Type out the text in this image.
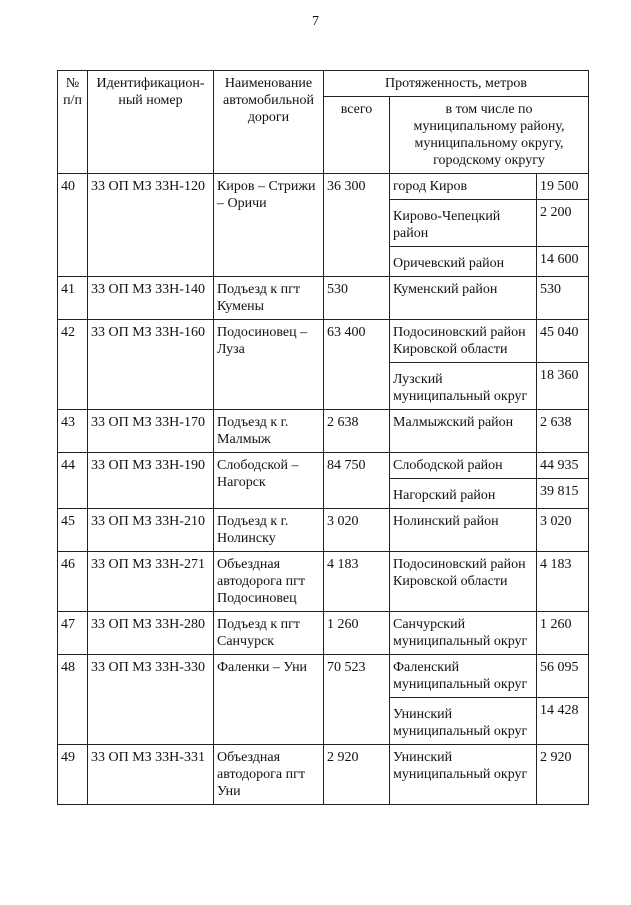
7
№ п/п	Идентификацион-ный номер	Наименование автомобильной дороги	Протяженность, метров		
			всего	в том числе по муниципальному району, муниципальному округу, городскому округу	
40	33 ОП МЗ 33Н-120	Киров – Стрижи – Оричи	36 300	город Киров	19 500
				Кирово-Чепецкий район	2 200
				Оричевский район	14 600
41	33 ОП МЗ 33Н-140	Подъезд к пгт Кумены	530	Куменский район	530
42	33 ОП МЗ 33Н-160	Подосиновец – Луза	63 400	Подосиновский район Кировской области	45 040
				Лузский муниципальный округ	18 360
43	33 ОП МЗ 33Н-170	Подъезд к г. Малмыж	2 638	Малмыжский район	2 638
44	33 ОП МЗ 33Н-190	Слободской – Нагорск	84 750	Слободской район	44 935
				Нагорский район	39 815
45	33 ОП МЗ 33Н-210	Подъезд к г. Нолинску	3 020	Нолинский район	3 020
46	33 ОП МЗ 33Н-271	Объездная автодорога пгт Подосиновец	4 183	Подосиновский район Кировской области	4 183
47	33 ОП МЗ 33Н-280	Подъезд к пгт Санчурск	1 260	Санчурский муниципальный округ	1 260
48	33 ОП МЗ 33Н-330	Фаленки – Уни	70 523	Фаленский муниципальный округ	56 095
				Унинский муниципальный округ	14 428
49	33 ОП МЗ 33Н-331	Объездная автодорога пгт Уни	2 920	Унинский муниципальный округ	2 920
